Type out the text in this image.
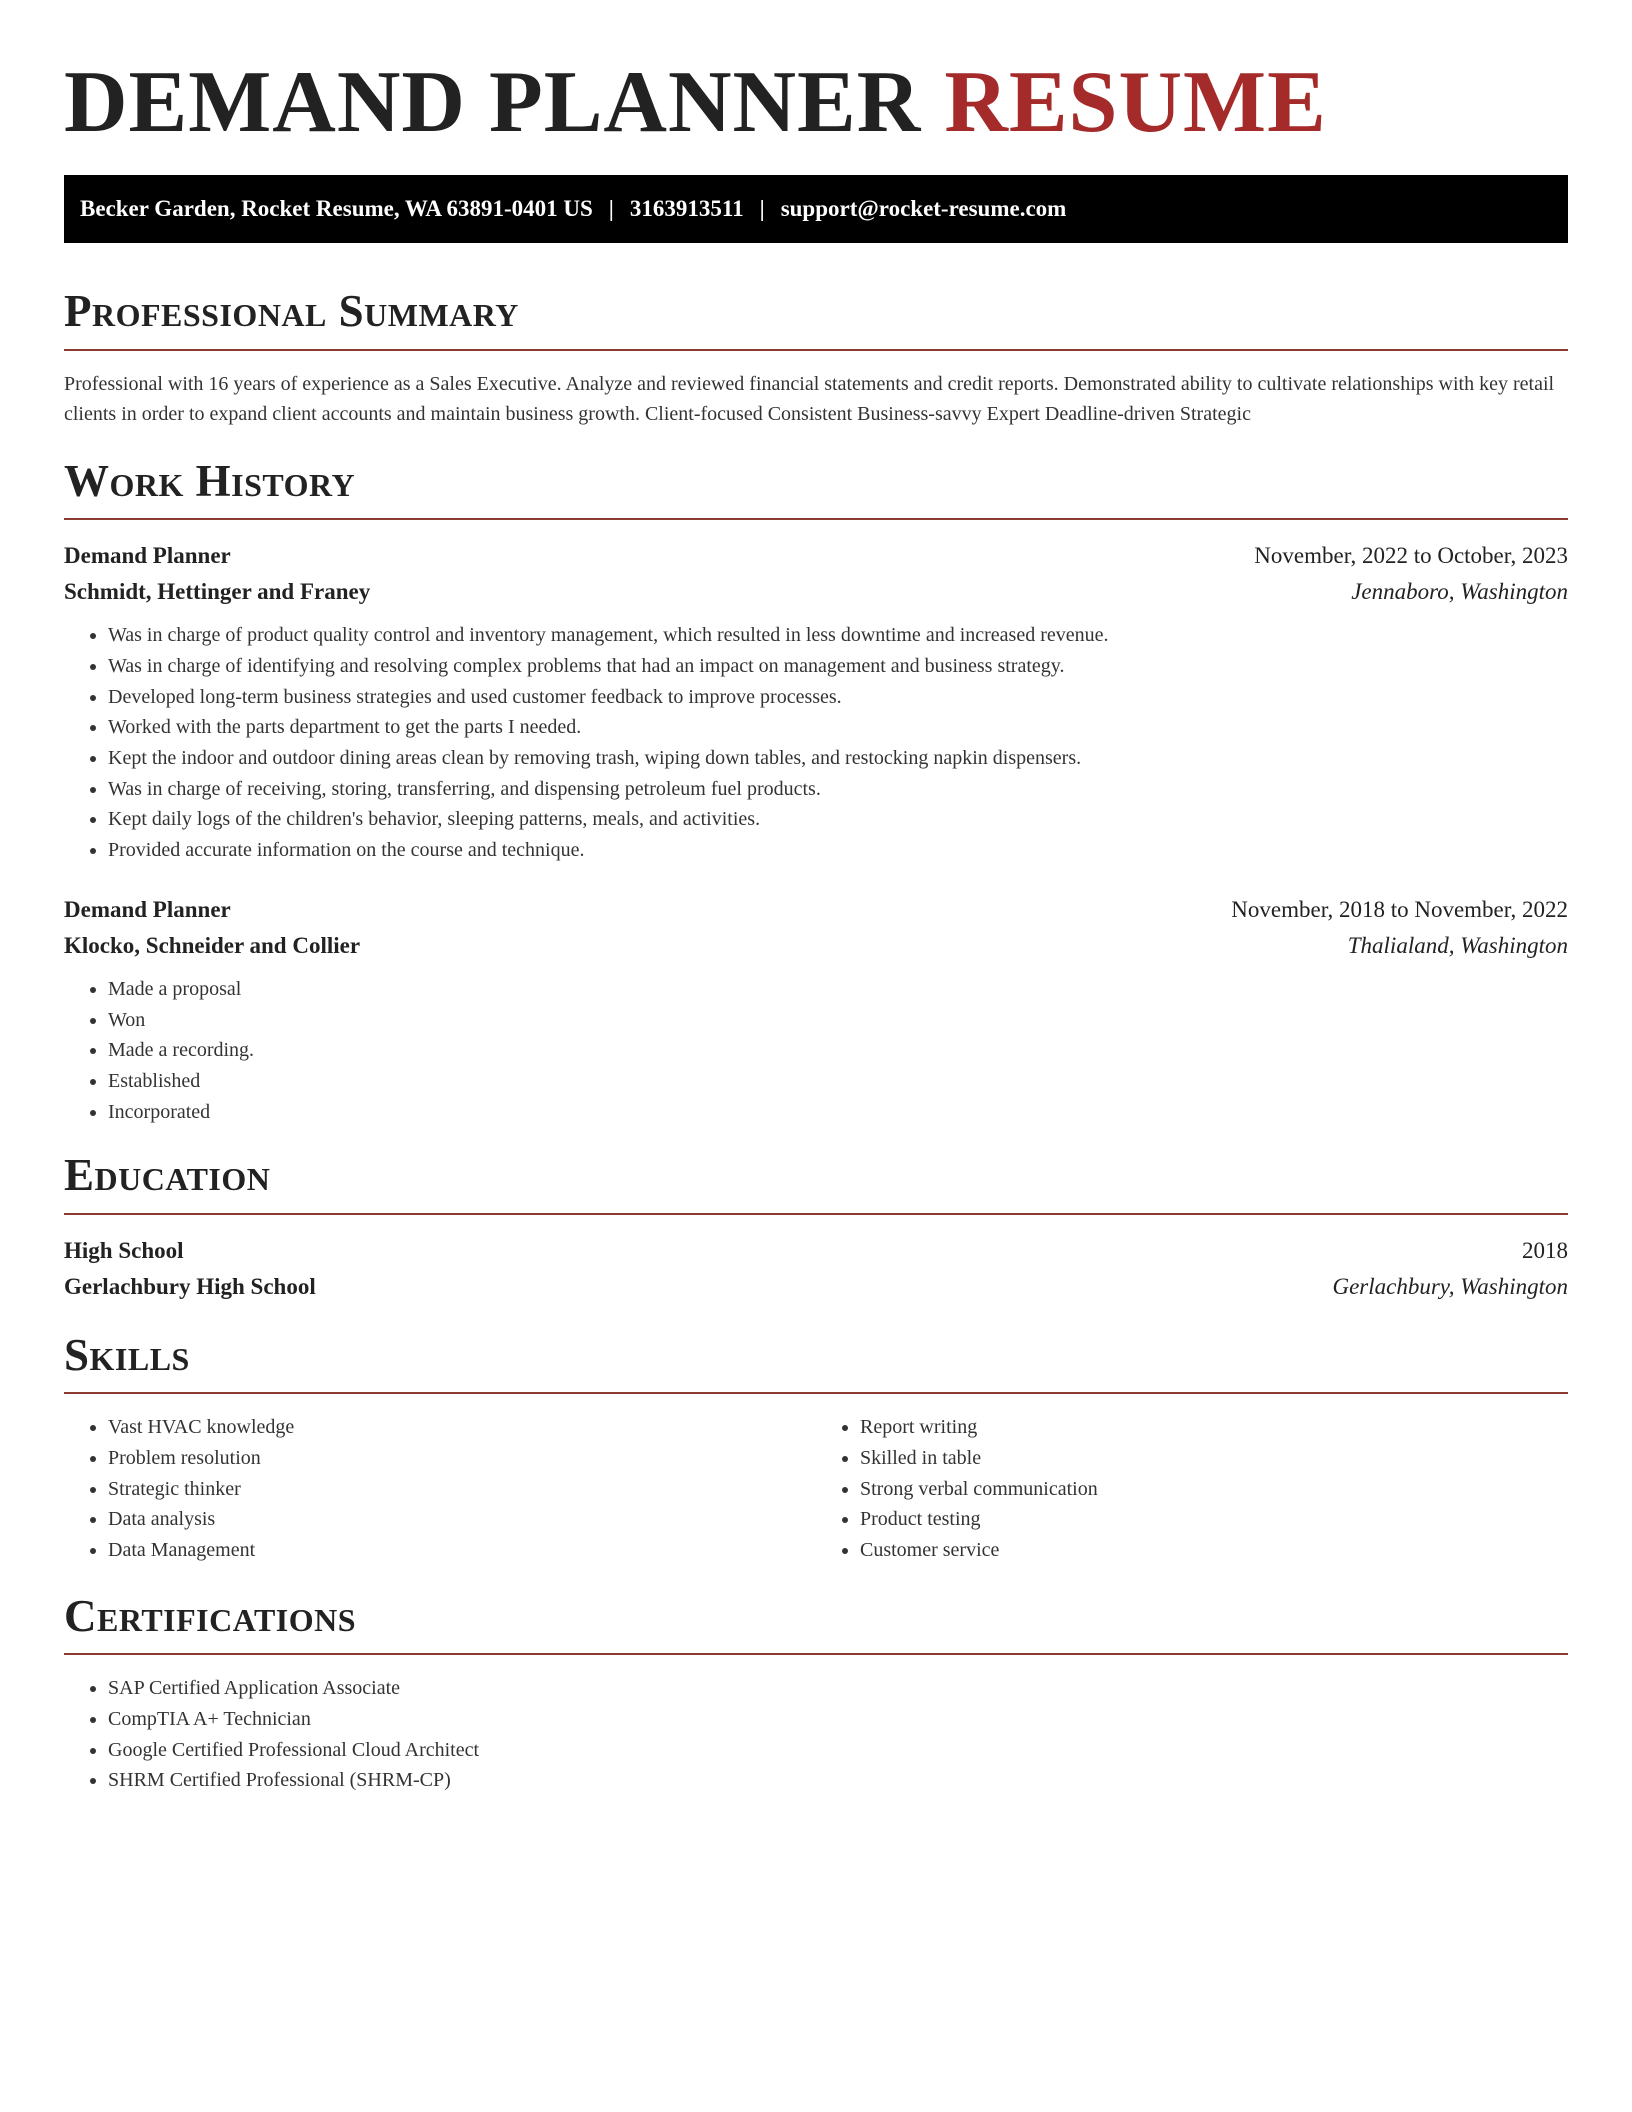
DEMAND PLANNER RESUME
Becker Garden, Rocket Resume, WA 63891-0401 US | 3163913511 | support@rocket-resume.com
Professional Summary

Professional with 16 years of experience as a Sales Executive. Analyze and reviewed financial statements and credit reports. Demonstrated ability to cultivate relationships with key retail clients in order to expand client accounts and maintain business growth. Client-focused Consistent Business-savvy Expert Deadline-driven Strategic

Work History
Demand Planner	November, 2022 to October, 2023
Schmidt, Hettinger and Franey	Jennaboro, Washington
• Was in charge of product quality control and inventory management, which resulted in less downtime and increased revenue.
• Was in charge of identifying and resolving complex problems that had an impact on management and business strategy.
• Developed long-term business strategies and used customer feedback to improve processes.
• Worked with the parts department to get the parts I needed.
• Kept the indoor and outdoor dining areas clean by removing trash, wiping down tables, and restocking napkin dispensers.
• Was in charge of receiving, storing, transferring, and dispensing petroleum fuel products.
• Kept daily logs of the children's behavior, sleeping patterns, meals, and activities.
• Provided accurate information on the course and technique.
Demand Planner	November, 2018 to November, 2022
Klocko, Schneider and Collier	Thalialand, Washington
• Made a proposal
• Won
• Made a recording.
• Established
• Incorporated
Education
High School	2018
Gerlachbury High School	Gerlachbury, Washington
Skills
• Vast HVAC knowledge
• Problem resolution
• Strategic thinker
• Data analysis
• Data Management
• Report writing
• Skilled in table
• Strong verbal communication
• Product testing
• Customer service
Certifications
• SAP Certified Application Associate
• CompTIA A+ Technician
• Google Certified Professional Cloud Architect
• SHRM Certified Professional (SHRM-CP)
